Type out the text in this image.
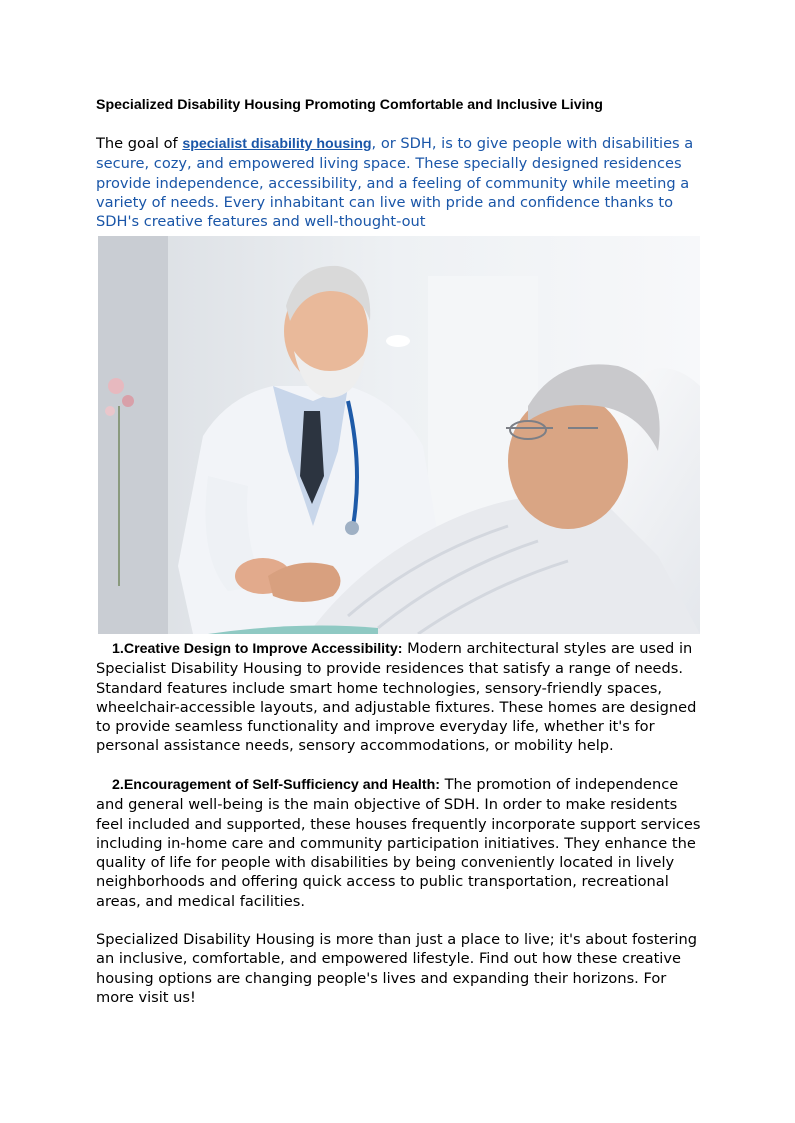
Specialized Disability Housing Promoting Comfortable and Inclusive Living
The goal of specialist disability housing, or SDH, is to give people with disabilities a secure, cozy, and empowered living space. These specially designed residences provide independence, accessibility, and a feeling of community while meeting a variety of needs. Every inhabitant can live with pride and confidence thanks to SDH's creative features and well-thought-out
1.Creative Design to Improve Accessibility: Modern architectural styles are used in Specialist Disability Housing to provide residences that satisfy a range of needs. Standard features include smart home technologies, sensory-friendly spaces, wheelchair-accessible layouts, and adjustable fixtures. These homes are designed to provide seamless functionality and improve everyday life, whether it's for personal assistance needs, sensory accommodations, or mobility help.
2.Encouragement of Self-Sufficiency and Health: The promotion of independence and general well-being is the main objective of SDH. In order to make residents feel included and supported, these houses frequently incorporate support services including in-home care and community participation initiatives. They enhance the quality of life for people with disabilities by being conveniently located in lively neighborhoods and offering quick access to public transportation, recreational areas, and medical facilities.
Specialized Disability Housing is more than just a place to live; it's about fostering an inclusive, comfortable, and empowered lifestyle. Find out how these creative housing options are changing people's lives and expanding their horizons. For more visit us!
